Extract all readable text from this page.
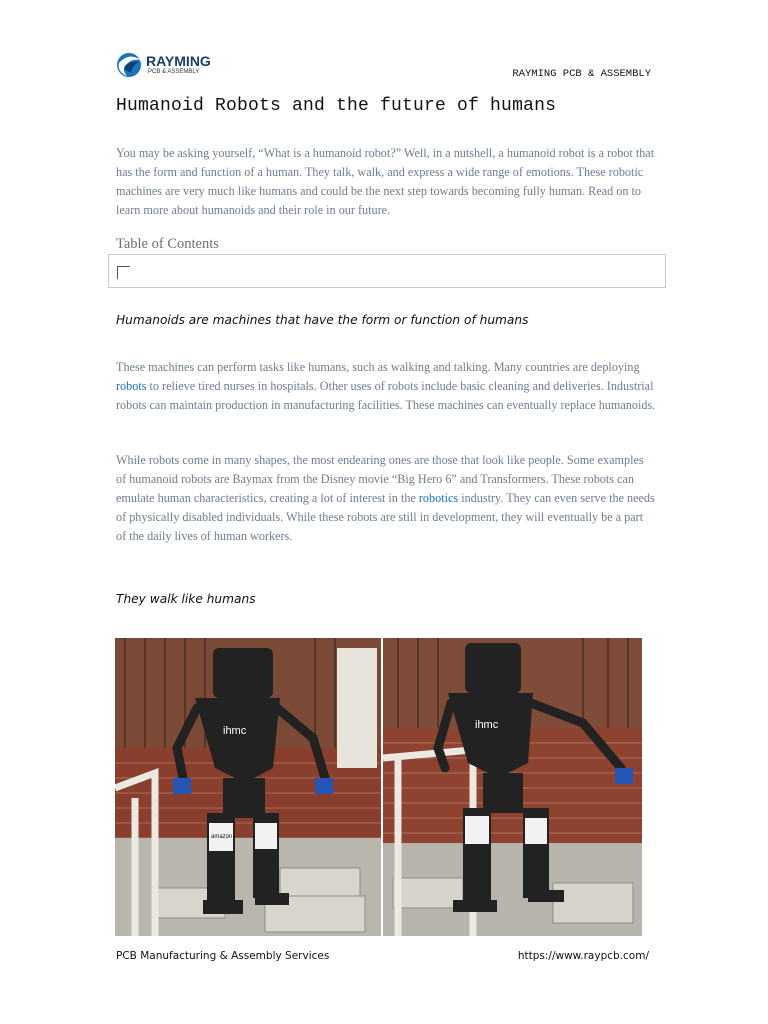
RAYMING
PCB & ASSEMBLY	RAYMING PCB & ASSEMBLY
Humanoid Robots and the future of humans

You may be asking yourself, “What is a humanoid robot?” Well, in a nutshell, a humanoid robot is a robot that has the form and function of a human. They talk, walk, and express a wide range of emotions. These robotic machines are very much like humans and could be the next step towards becoming fully human. Read on to learn more about humanoids and their role in our future.

Table of Contents
Humanoids are machines that have the form or function of humans

These machines can perform tasks like humans, such as walking and talking. Many countries are deploying robots to relieve tired nurses in hospitals. Other uses of robots include basic cleaning and deliveries. Industrial robots can maintain production in manufacturing facilities. These machines can eventually replace humanoids.

While robots come in many shapes, the most endearing ones are those that look like people. Some examples of humanoid robots are Baymax from the Disney movie “Big Hero 6” and Transformers. These robots can emulate human characteristics, creating a lot of interest in the robotics industry. They can even serve the needs of physically disabled individuals. While these robots are still in development, they will eventually be a part of the daily lives of human workers.

They walk like humans
ihmc
amazon
ihmc
PCB Manufacturing & Assembly Services	https://www.raypcb.com/
